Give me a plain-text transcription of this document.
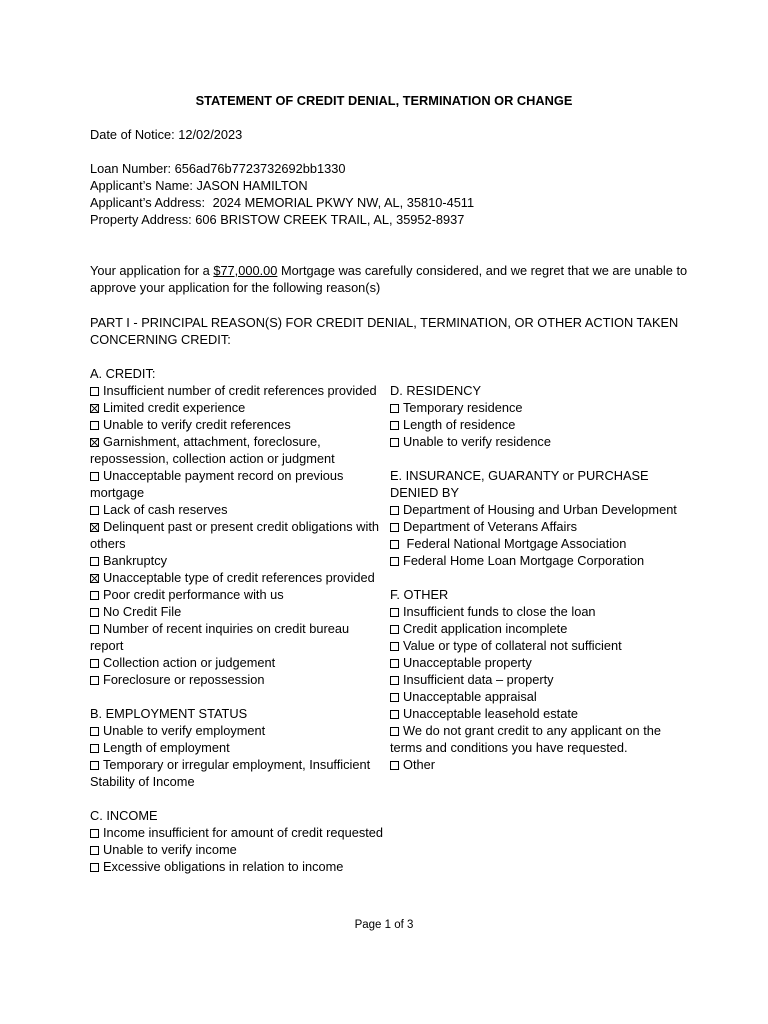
STATEMENT OF CREDIT DENIAL, TERMINATION OR CHANGE
Date of Notice: 12/02/2023
Loan Number: 656ad76b7723732692bb1330
Applicant’s Name: JASON HAMILTON
Applicant’s Address: 2024 MEMORIAL PKWY NW, AL, 35810-4511
Property Address: 606 BRISTOW CREEK TRAIL, AL, 35952-8937
Your application for a $77,000.00 Mortgage was carefully considered, and we regret that we are unable to approve your application for the following reason(s)
PART I - PRINCIPAL REASON(S) FOR CREDIT DENIAL, TERMINATION, OR OTHER ACTION TAKEN CONCERNING CREDIT:
A. CREDIT:
Insufficient number of credit references provided
Limited credit experience
Unable to verify credit references
Garnishment, attachment, foreclosure, repossession, collection action or judgment
Unacceptable payment record on previous mortgage
Lack of cash reserves
Delinquent past or present credit obligations with others
Bankruptcy
Unacceptable type of credit references provided
Poor credit performance with us
No Credit File
Number of recent inquiries on credit bureau report
Collection action or judgement
Foreclosure or repossession
B. EMPLOYMENT STATUS
Unable to verify employment
Length of employment
Temporary or irregular employment, Insufficient Stability of Income
C. INCOME
Income insufficient for amount of credit requested
Unable to verify income
Excessive obligations in relation to income
D. RESIDENCY
Temporary residence
Length of residence
Unable to verify residence
E. INSURANCE, GUARANTY or PURCHASE DENIED BY
Department of Housing and Urban Development
Department of Veterans Affairs
Federal National Mortgage Association
Federal Home Loan Mortgage Corporation
F. OTHER
Insufficient funds to close the loan
Credit application incomplete
Value or type of collateral not sufficient
Unacceptable property
Insufficient data – property
Unacceptable appraisal
Unacceptable leasehold estate
We do not grant credit to any applicant on the terms and conditions you have requested.
Other
Page 1 of 3
